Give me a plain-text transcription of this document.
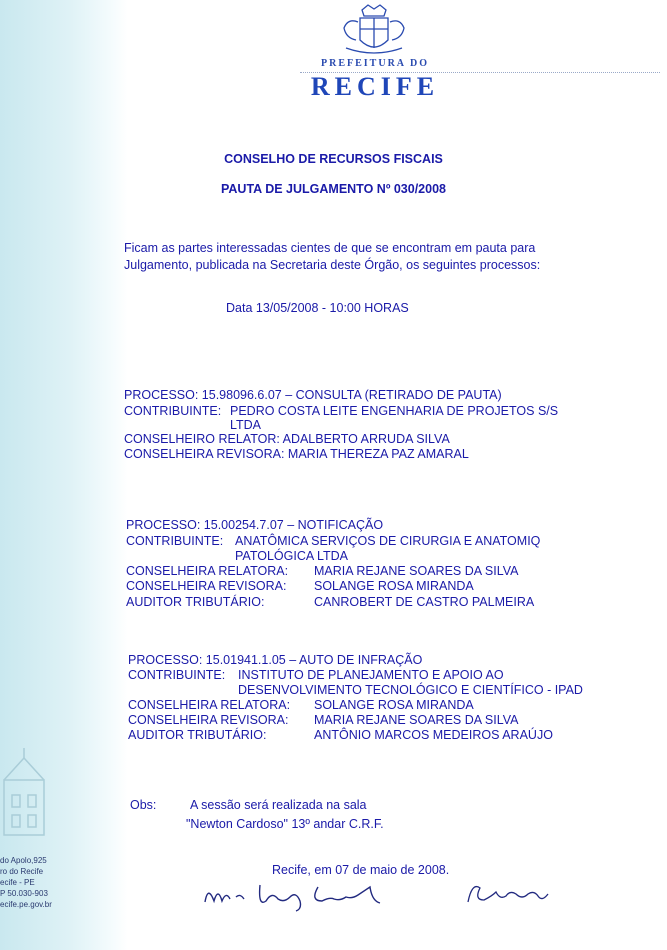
do Apolo,925
ro do Recife
ecife - PE
P 50.030-903
ecife.pe.gov.br
PREFEITURA DO
RECIFE
CONSELHO DE RECURSOS FISCAIS
PAUTA DE JULGAMENTO Nº 030/2008
Ficam as partes interessadas cientes de que se encontram em pauta para
Julgamento, publicada na Secretaria deste Órgão, os seguintes processos:
Data 13/05/2008 - 10:00 HORAS
PROCESSO: 15.98096.6.07 – CONSULTA (RETIRADO DE PAUTA)
CONTRIBUINTE: PEDRO COSTA LEITE ENGENHARIA DE PROJETOS S/S
LTDA
CONSELHEIRO RELATOR: ADALBERTO ARRUDA SILVA
CONSELHEIRA REVISORA: MARIA THEREZA PAZ AMARAL
PROCESSO: 15.00254.7.07 – NOTIFICAÇÃO
CONTRIBUINTE: ANATÔMICA SERVIÇOS DE CIRURGIA E ANATOMIQ
PATOLÓGICA LTDA
CONSELHEIRA RELATORA: MARIA REJANE SOARES DA SILVA
CONSELHEIRA REVISORA: SOLANGE ROSA MIRANDA
AUDITOR TRIBUTÁRIO:	CANROBERT DE CASTRO PALMEIRA
PROCESSO: 15.01941.1.05 – AUTO DE INFRAÇÃO
CONTRIBUINTE: INSTITUTO DE PLANEJAMENTO E APOIO AO
DESENVOLVIMENTO TECNOLÓGICO E CIENTÍFICO - IPAD
CONSELHEIRA RELATORA: SOLANGE ROSA MIRANDA
CONSELHEIRA REVISORA: MARIA REJANE SOARES DA SILVA
AUDITOR TRIBUTÁRIO:	ANTÔNIO MARCOS MEDEIROS ARAÚJO
Obs:	A sessão será realizada na sala
"Newton Cardoso" 13º andar C.R.F.
Recife, em 07 de maio de 2008.
